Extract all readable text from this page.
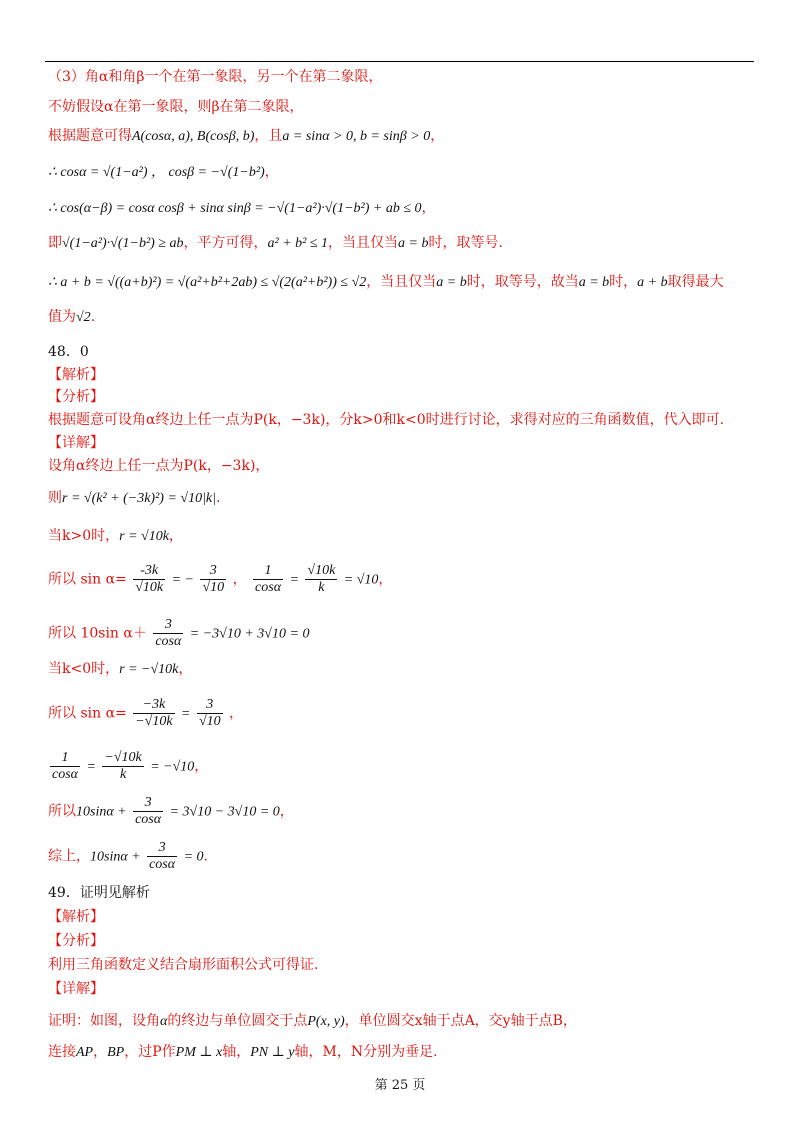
（3）角α和角β一个在第一象限，另一个在第二象限，
不妨假设α在第一象限，则β在第二象限，
根据题意可得A(cosα, a), B(cosβ, b)，且a = sinα > 0, b = sinβ > 0，
∴ cosα = √(1−a²) ， cosβ = −√(1−b²)，
∴ cos(α−β) = cosα cosβ + sinα sinβ = −√(1−a²)·√(1−b²) + ab ≤ 0，
即√(1−a²)·√(1−b²) ≥ ab，平方可得，a² + b² ≤ 1，当且仅当a = b时，取等号.
∴ a + b = √((a+b)²) = √(a²+b²+2ab) ≤ √(2(a²+b²)) ≤ √2，当且仅当a = b时，取等号，故当a = b时，a + b取得最大
值为√2.
48．0
【解析】
【分析】
根据题意可设角α终边上任一点为P(k，−3k)，分k>0和k<0时进行讨论，求得对应的三角函数值，代入即可.
【详解】
设角α终边上任一点为P(k，−3k)，
则r = √(k² + (−3k)²) = √10|k|.
当k>0时，r = √10k，
所以 $\sin \alpha= \frac{-3k}{√10k}$ = − $\frac{3}{√10}$ ， $\frac{1}{\cos\alpha} = \frac{√10k}{k} = √10$，
所以 10sin $\alpha+ \frac{3}{\cos\alpha} = -3√10 + 3√10 = 0$
当k<0时，r = −√10k，
所以 $\sin \alpha= \frac{-3k}{-√10k} = \frac{3}{√10}$ ，
$\frac{1}{\cos\alpha} = \frac{-√10k}{k} = -√10$，
所以$10\sin\alpha + \frac{3}{\cos\alpha} = 3√10 - 3√10 = 0$，
综上，$10\sin\alpha + \frac{3}{\cos\alpha} = 0$.
49．证明见解析
【解析】
【分析】
利用三角函数定义结合扇形面积公式可得证.
【详解】
证明：如图，设角α的终边与单位圆交于点P(x, y)，单位圆交x轴于点A，交y轴于点B，
连接AP，BP，过P作PM ⊥ x轴，PN ⊥ y轴，M，N分别为垂足.
第 25 页
